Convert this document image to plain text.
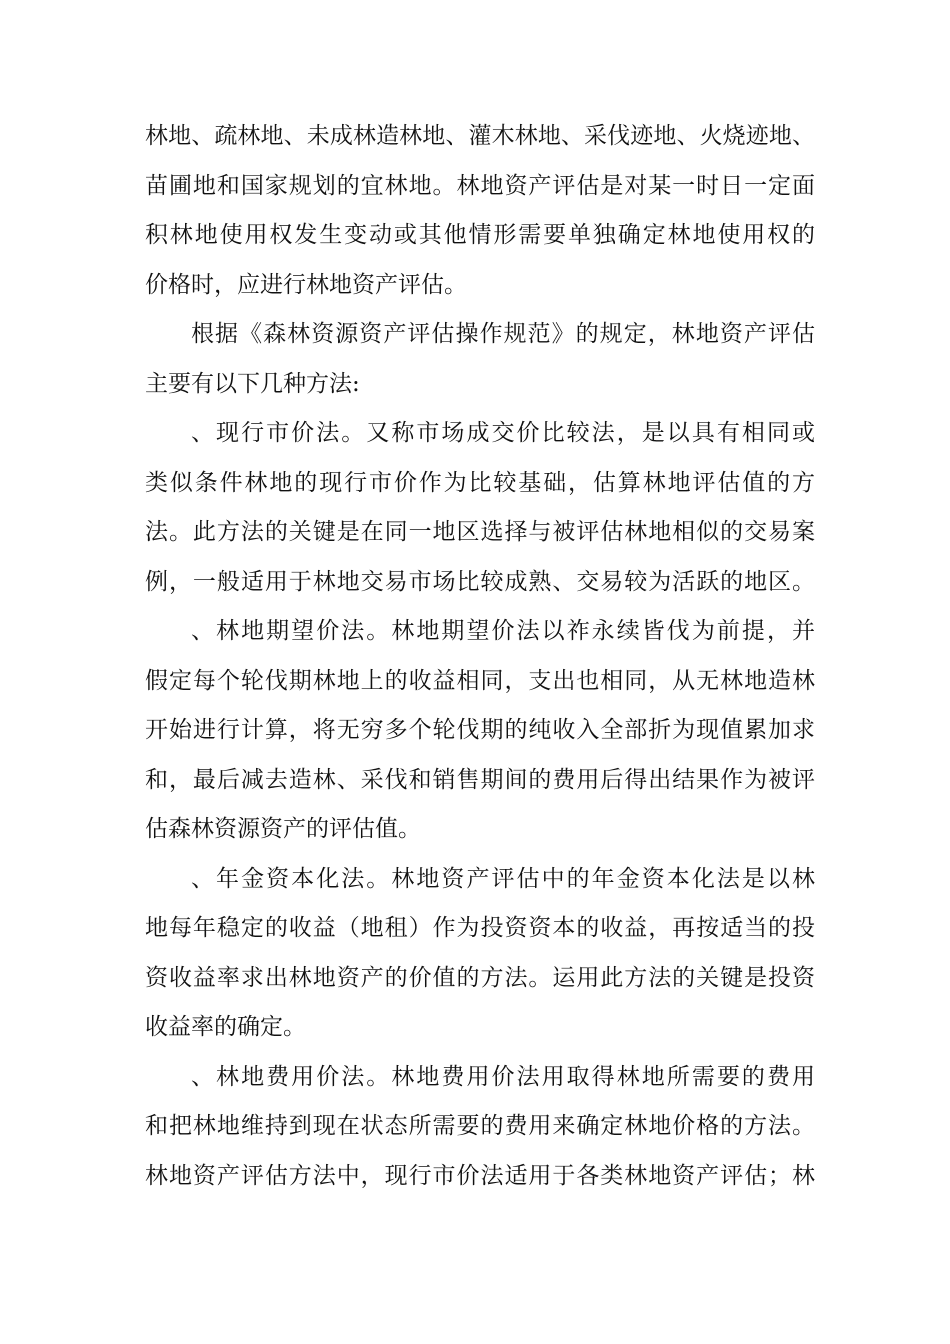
林地、疏林地、未成林造林地、灌木林地、采伐迹地、火烧迹地、
苗圃地和国家规划的宜林地。林地资产评估是对某一时日一定面
积林地使用权发生变动或其他情形需要单独确定林地使用权的
价格时，应进行林地资产评估。
根据《森林资源资产评估操作规范》的规定，林地资产评估
主要有以下几种方法:
、现行市价法。又称市场成交价比较法，是以具有相同或
类似条件林地的现行市价作为比较基础，估算林地评估值的方
法。此方法的关键是在同一地区选择与被评估林地相似的交易案
例，一般适用于林地交易市场比较成熟、交易较为活跃的地区。
、林地期望价法。林地期望价法以祚永续皆伐为前提，并
假定每个轮伐期林地上的收益相同，支出也相同，从无林地造林
开始进行计算，将无穷多个轮伐期的纯收入全部折为现值累加求
和，最后减去造林、采伐和销售期间的费用后得出结果作为被评
估森林资源资产的评估值。
、年金资本化法。林地资产评估中的年金资本化法是以林
地每年稳定的收益（地租）作为投资资本的收益，再按适当的投
资收益率求出林地资产的价值的方法。运用此方法的关键是投资
收益率的确定。
、林地费用价法。林地费用价法用取得林地所需要的费用
和把林地维持到现在状态所需要的费用来确定林地价格的方法。
林地资产评估方法中，现行市价法适用于各类林地资产评估；林
